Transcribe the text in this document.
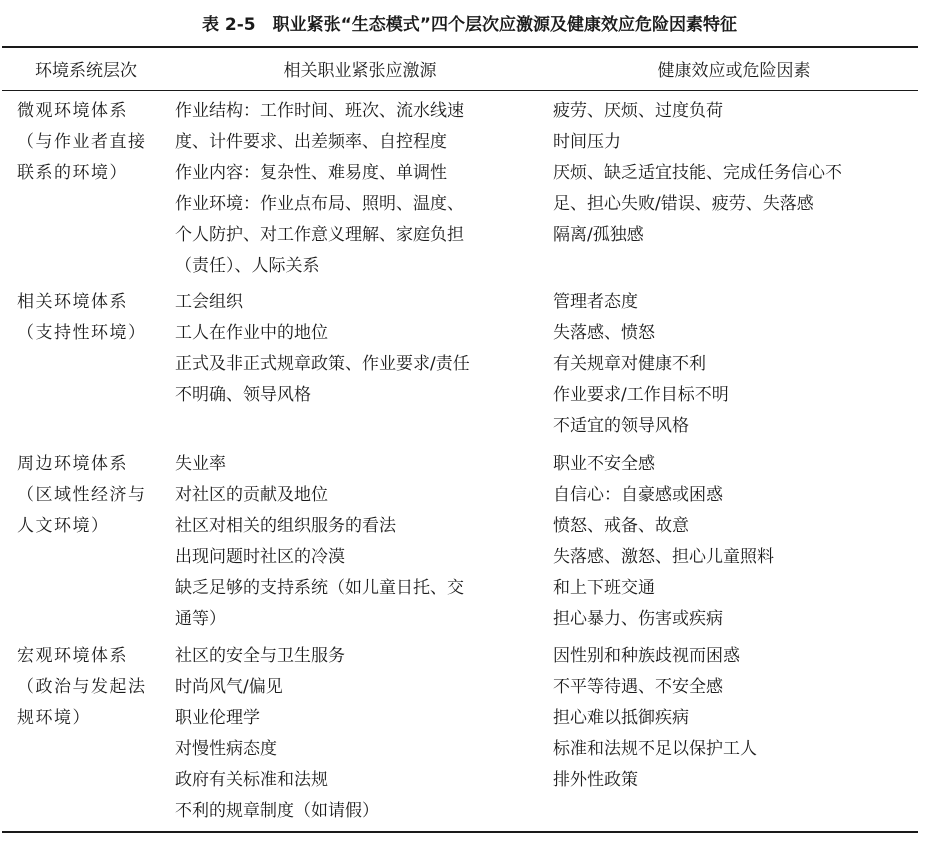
表 2-5　职业紧张“生态模式”四个层次应激源及健康效应危险因素特征
环境系统层次	相关职业紧张应激源	健康效应或危险因素
微观环境体系
（与作业者直接
联系的环境）
作业结构：工作时间、班次、流水线速
度、计件要求、出差频率、自控程度
作业内容：复杂性、难易度、单调性
作业环境：作业点布局、照明、温度、
个人防护、对工作意义理解、家庭负担
（责任）、人际关系
疲劳、厌烦、过度负荷
时间压力
厌烦、缺乏适宜技能、完成任务信心不
足、担心失败/错误、疲劳、失落感
隔离/孤独感
相关环境体系
（支持性环境）
工会组织
工人在作业中的地位
正式及非正式规章政策、作业要求/责任
不明确、领导风格
管理者态度
失落感、愤怒
有关规章对健康不利
作业要求/工作目标不明
不适宜的领导风格
周边环境体系
（区域性经济与
人文环境）
失业率
对社区的贡献及地位
社区对相关的组织服务的看法
出现问题时社区的冷漠
缺乏足够的支持系统（如儿童日托、交
通等）
职业不安全感
自信心：自豪感或困惑
愤怒、戒备、故意
失落感、激怒、担心儿童照料
和上下班交通
担心暴力、伤害或疾病
宏观环境体系
（政治与发起法
规环境）
社区的安全与卫生服务
时尚风气/偏见
职业伦理学
对慢性病态度
政府有关标准和法规
不利的规章制度（如请假）
因性别和种族歧视而困惑
不平等待遇、不安全感
担心难以抵御疾病
标准和法规不足以保护工人
排外性政策
